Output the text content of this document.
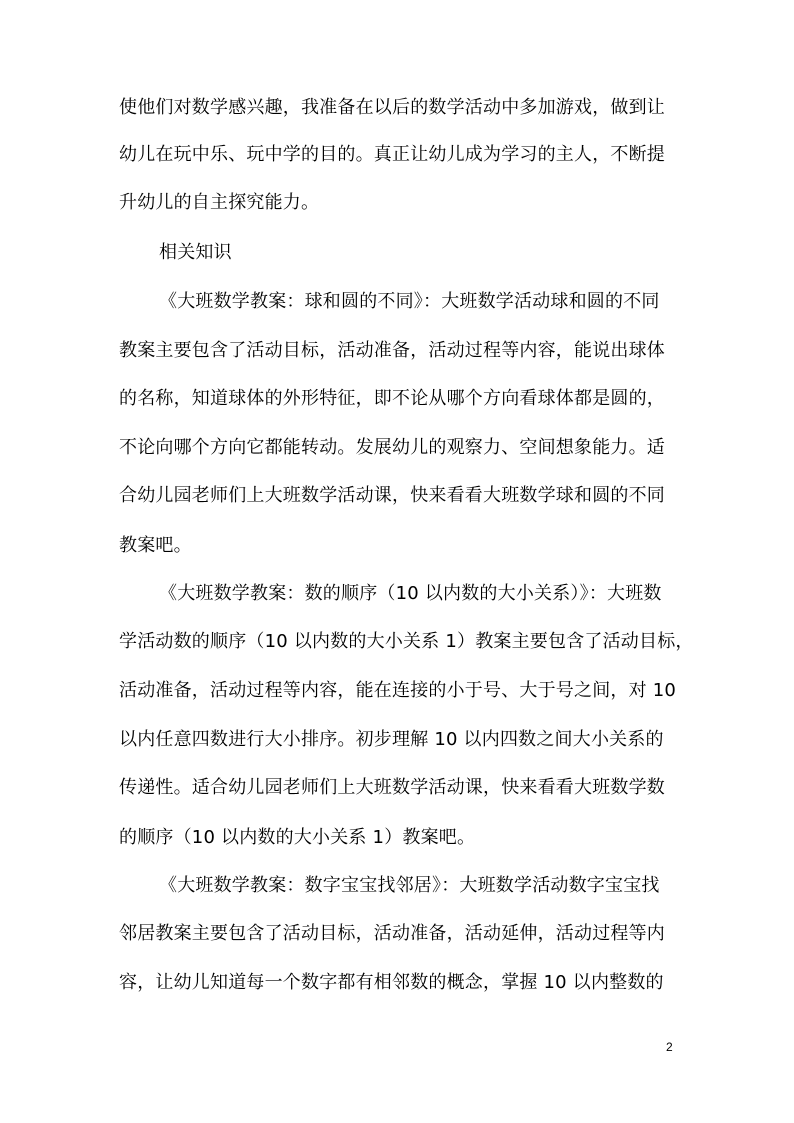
使他们对数学感兴趣，我准备在以后的数学活动中多加游戏，做到让
幼儿在玩中乐、玩中学的目的。真正让幼儿成为学习的主人，不断提
升幼儿的自主探究能力。
相关知识
《大班数学教案：球和圆的不同》：大班数学活动球和圆的不同
教案主要包含了活动目标，活动准备，活动过程等内容，能说出球体
的名称，知道球体的外形特征，即不论从哪个方向看球体都是圆的，
不论向哪个方向它都能转动。发展幼儿的观察力、空间想象能力。适
合幼儿园老师们上大班数学活动课，快来看看大班数学球和圆的不同
教案吧。
《大班数学教案：数的顺序（10 以内数的大小关系）》：大班数
学活动数的顺序（10 以内数的大小关系 1）教案主要包含了活动目标，
活动准备，活动过程等内容，能在连接的小于号、大于号之间，对 10
以内任意四数进行大小排序。初步理解 10 以内四数之间大小关系的
传递性。适合幼儿园老师们上大班数学活动课，快来看看大班数学数
的顺序（10 以内数的大小关系 1）教案吧。
《大班数学教案：数字宝宝找邻居》：大班数学活动数字宝宝找
邻居教案主要包含了活动目标，活动准备，活动延伸，活动过程等内
容，让幼儿知道每一个数字都有相邻数的概念，掌握 10 以内整数的
2
